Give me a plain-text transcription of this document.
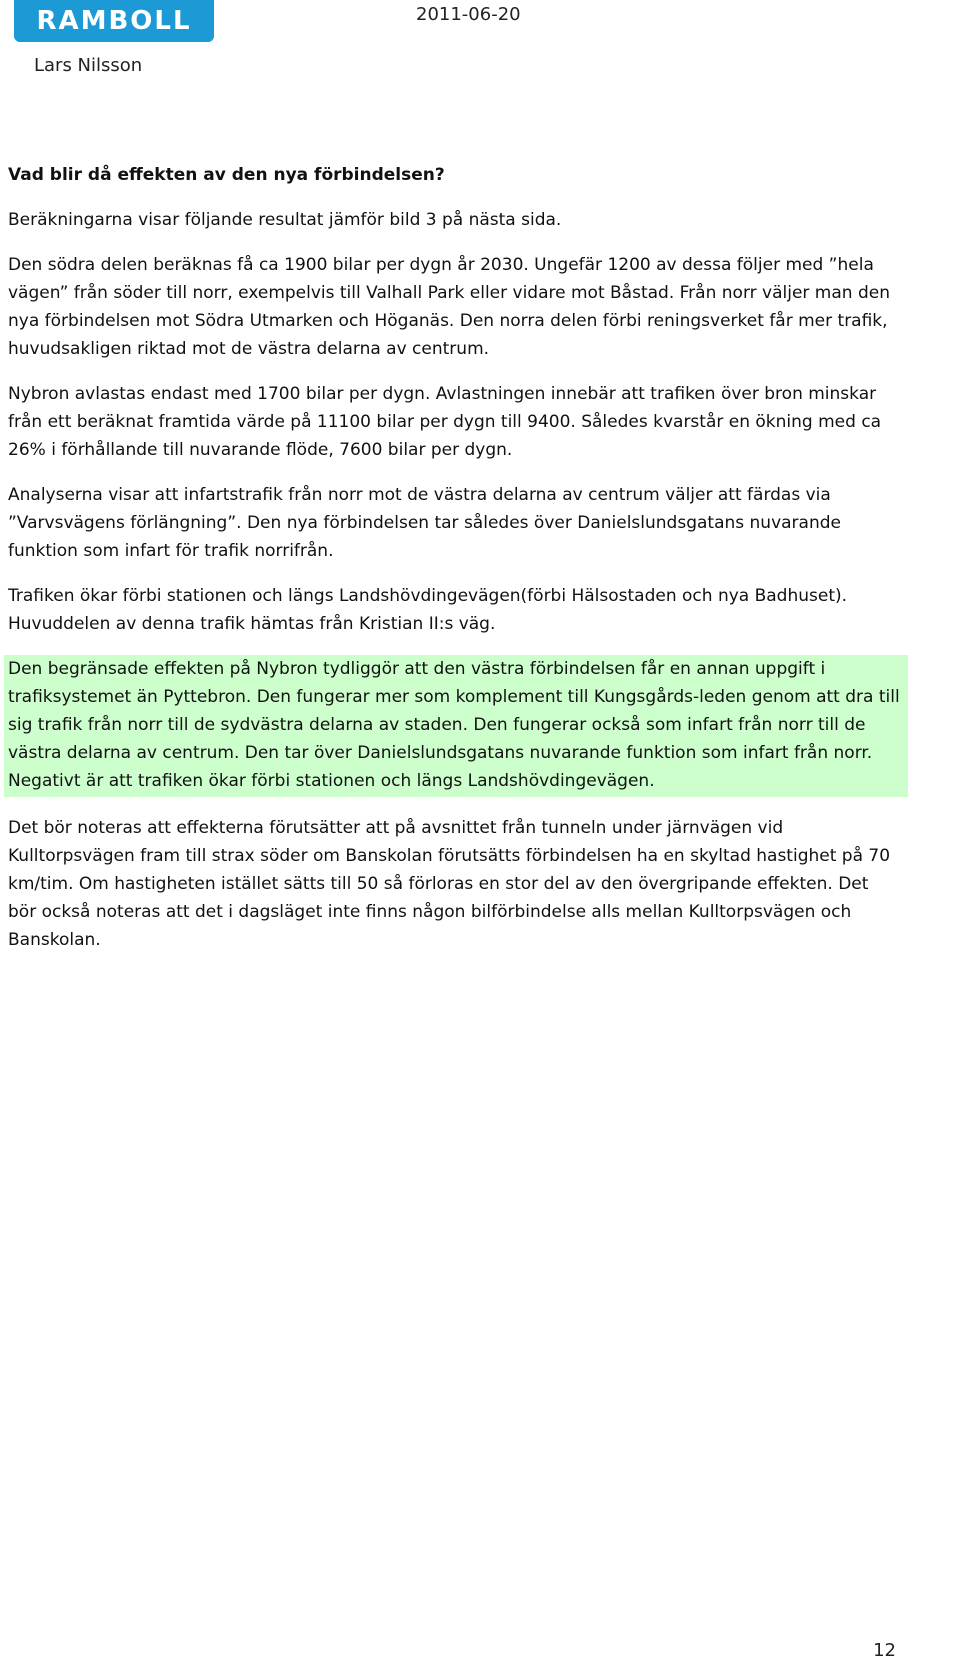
RAMBOLL	2011-06-20
Lars Nilsson
Vad blir då effekten av den nya förbindelsen?

Beräkningarna visar följande resultat jämför bild 3 på nästa sida.

Den södra delen beräknas få ca 1900 bilar per dygn år 2030. Ungefär 1200 av dessa följer med ”hela vägen” från söder till norr, exempelvis till Valhall Park eller vidare mot Båstad. Från norr väljer man den nya förbindelsen mot Södra Utmarken och Höganäs. Den norra delen förbi reningsverket får mer trafik, huvudsakligen riktad mot de västra delarna av centrum.

Nybron avlastas endast med 1700 bilar per dygn. Avlastningen innebär att trafiken över bron minskar från ett beräknat framtida värde på 11100 bilar per dygn till 9400. Således kvarstår en ökning med ca 26% i förhållande till nuvarande flöde, 7600 bilar per dygn.

Analyserna visar att infartstrafik från norr mot de västra delarna av centrum väljer att färdas via ”Varvsvägens förlängning”. Den nya förbindelsen tar således över Danielslundsgatans nuvarande funktion som infart för trafik norrifrån.

Trafiken ökar förbi stationen och längs Landshövdingevägen(förbi Hälsostaden och nya Badhuset). Huvuddelen av denna trafik hämtas från Kristian II:s väg.

Den begränsade effekten på Nybron tydliggör att den västra förbindelsen får en annan uppgift i trafiksystemet än Pyttebron. Den fungerar mer som komplement till Kungsgårds-leden genom att dra till sig trafik från norr till de sydvästra delarna av staden. Den fungerar också som infart från norr till de västra delarna av centrum. Den tar över Danielslundsgatans nuvarande funktion som infart från norr. Negativt är att trafiken ökar förbi stationen och längs Landshövdingevägen.

Det bör noteras att effekterna förutsätter att på avsnittet från tunneln under järnvägen vid Kulltorpsvägen fram till strax söder om Banskolan förutsätts förbindelsen ha en skyltad hastighet på 70 km/tim. Om hastigheten istället sätts till 50 så förloras en stor del av den övergripande effekten. Det bör också noteras att det i dagsläget inte finns någon bilförbindelse alls mellan Kulltorpsvägen och Banskolan.

12
